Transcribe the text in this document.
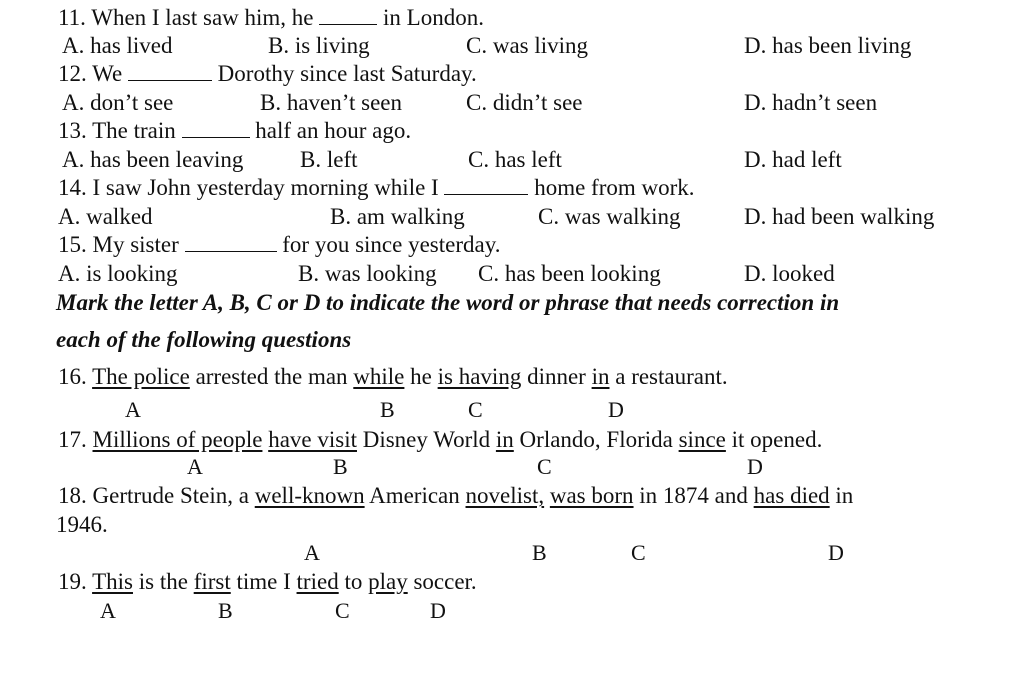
11. When I last saw him, he	in London.
A. has lived	B. is living	C. was living	D. has been living
12. We	Dorothy since last Saturday.
A. don’t see	B. haven’t seen	C. didn’t see	D. hadn’t seen
13. The train	half an hour ago.
A. has been leaving B. left	C. has left	D. had left
14. I saw John yesterday morning while I	home from work.
A. walked	B. am walking	C. was walking	D. had been walking
15. My sister	for you since yesterday.
A. is looking	B. was looking C. has been looking	D. looked
Mark the letter A, B, C or D to indicate the word or phrase that needs correction in
each of the following questions
16. The police arrested the man while he is having dinner in a restaurant.
A	B	C	D
17. Millions of people have visit Disney World in Orlando, Florida since it opened.
A	B	C	D
18. Gertrude Stein, a well-known American novelist, was born in 1874 and has died in
1946.
A	B	C	D
19. This is the first time I tried to play soccer.
A	B	C	D
